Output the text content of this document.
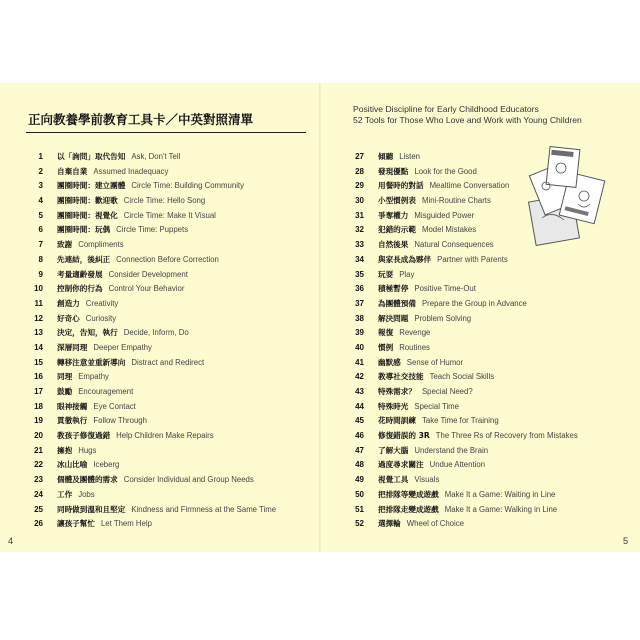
正向教養學前教育工具卡／中英對照清單
Positive Discipline for Early Childhood Educators
52 Tools for Those Who Love and Work with Young Children
1 以「詢問」取代告知 Ask, Don't Tell
2 自棄自業 Assumed Inadequacy
3 團圈時間：建立團體 Circle Time: Building Community
4 團圈時間：歡迎歌 Circle Time: Hello Song
5 團圈時間：視覺化 Circle Time: Make It Visual
6 團圈時間：玩偶 Circle Time: Puppets
7 致謝 Compliments
8 先連結，後糾正 Connection Before Correction
9 考量適齡發展 Consider Development
10 控制你的行為 Control Your Behavior
11 創造力 Creativity
12 好奇心 Curiosity
13 決定，告知，執行 Decide, Inform, Do
14 深層同理 Deeper Empathy
15 轉移注意並重新導向 Distract and Redirect
16 同理 Empathy
17 鼓勵 Encouragement
18 眼神接觸 Eye Contact
19 貫徹執行 Follow Through
20 教孩子修復過錯 Help Children Make Repairs
21 擁抱 Hugs
22 冰山比喻 Iceberg
23 個體及團體的需求 Consider Individual and Group Needs
24 工作 Jobs
25 同時做到溫和且堅定 Kindness and Firmness at the Same Time
26 讓孩子幫忙 Let Them Help
27 傾聽 Listen
28 發現優點 Look for the Good
29 用餐時的對話 Mealtime Conversation
30 小型慣例表 Mini-Routine Charts
31 爭奪權力 Misguided Power
32 犯錯的示範 Model Mistakes
33 自然後果 Natural Consequences
34 與家長成為夥伴 Partner with Parents
35 玩耍 Play
36 積極暫停 Positive Time-Out
37 為團體預備 Prepare the Group in Advance
38 解決問題 Problem Solving
39 報復 Revenge
40 慣例 Routines
41 幽默感 Sense of Humor
42 教導社交技能 Teach Social Skills
43 特殊需求？ Special Need?
44 特殊時光 Special Time
45 花時間訓練 Take Time for Training
46 修復錯誤的 3R The Three Rs of Recovery from Mistakes
47 了解大腦 Understand the Brain
48 過度尋求關注 Undue Attention
49 視覺工具 Visuals
50 把排隊等變成遊戲 Make It a Game: Waiting in Line
51 把排隊走變成遊戲 Make It a Game: Walking in Line
52 選擇輪 Wheel of Choice
4	5
